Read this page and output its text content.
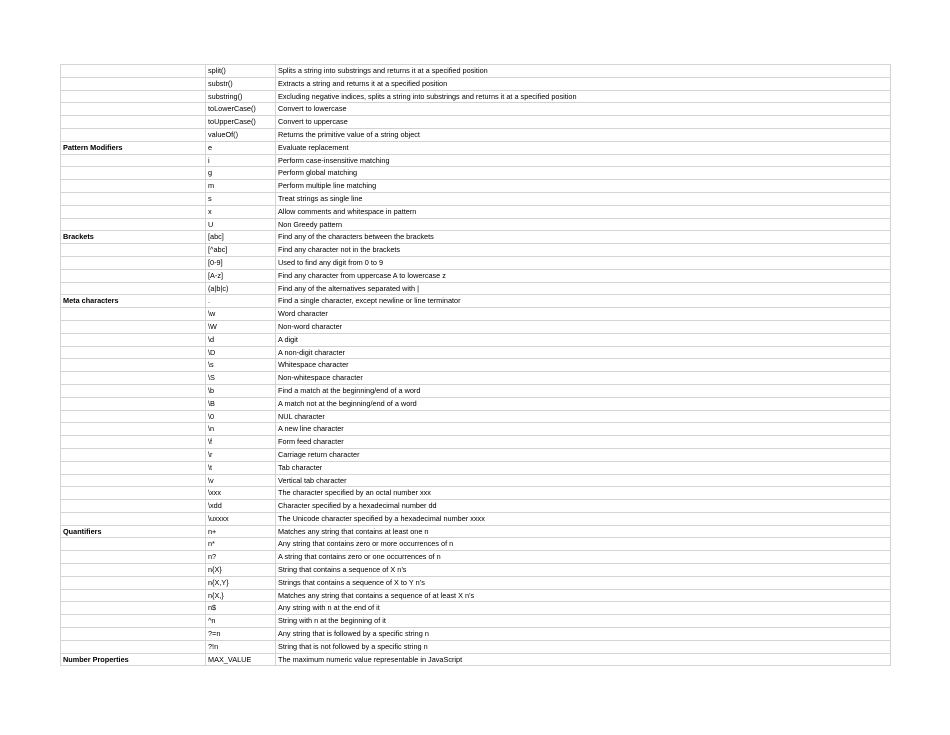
	split()	Splits a string into substrings and returns it at a specified position
	substr()	Extracts a string and returns it at a specified position
	substring()	Excluding negative indices, splits a string into substrings and returns it at a specified position
	toLowerCase()	Convert to lowercase
	toUpperCase()	Convert to uppercase
	valueOf()	Returns the primitive value of a string object
Pattern Modifiers	e	Evaluate replacement
	i	Perform case-insensitive matching
	g	Perform global matching
	m	Perform multiple line matching
	s	Treat strings as single line
	x	Allow comments and whitespace in pattern
	U	Non Greedy pattern
Brackets	[abc]	Find any of the characters between the brackets
	[^abc]	Find any character not in the brackets
	[0-9]	Used to find any digit from 0 to 9
	[A-z]	Find any character from uppercase A to lowercase z
	(a|b|c)	Find any of the alternatives separated with |
Meta characters	.	Find a single character, except newline or line terminator
	\w	Word character
	\W	Non-word character
	\d	A digit
	\D	A non-digit character
	\s	Whitespace character
	\S	Non-whitespace character
	\b	Find a match at the beginning/end of a word
	\B	A match not at the beginning/end of a word
	\0	NUL character
	\n	A new line character
	\f	Form feed character
	\r	Carriage return character
	\t	Tab character
	\v	Vertical tab character
	\xxx	The character specified by an octal number xxx
	\xdd	Character specified by a hexadecimal number dd
	\uxxxx	The Unicode character specified by a hexadecimal number xxxx
Quantifiers	n+	Matches any string that contains at least one n
	n*	Any string that contains zero or more occurrences of n
	n?	A string that contains zero or one occurrences of n
	n{X}	String that contains a sequence of X n’s
	n{X,Y}	Strings that contains a sequence of X to Y n’s
	n{X,}	Matches any string that contains a sequence of at least X n’s
	n$	Any string with n at the end of it
	^n	String with n at the beginning of it
	?=n	Any string that is followed by a specific string n
	?!n	String that is not followed by a specific string n
Number Properties	MAX_VALUE	The maximum numeric value representable in JavaScript
